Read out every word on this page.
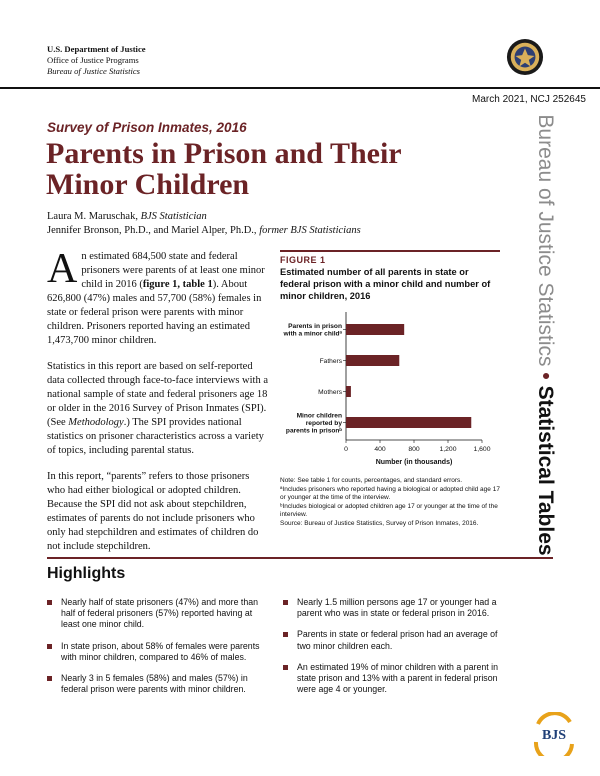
U.S. Department of Justice
Office of Justice Programs
Bureau of Justice Statistics
March 2021, NCJ 252645
Survey of Prison Inmates, 2016
Parents in Prison and Their Minor Children
Laura M. Maruschak, BJS Statistician
Jennifer Bronson, Ph.D., and Mariel Alper, Ph.D., former BJS Statisticians

An estimated 684,500 state and federal prisoners were parents of at least one minor child in 2016 (figure 1, table 1). About 626,800 (47%) males and 57,700 (58%) females in state or federal prison were parents with minor children. Prisoners reported having an estimated 1,473,700 minor children.

Statistics in this report are based on self-reported data collected through face-to-face interviews with a national sample of state and federal prisoners age 18 or older in the 2016 Survey of Prison Inmates (SPI). (See Methodology.) The SPI provides national statistics on prisoner characteristics across a variety of topics, including parental status.

In this report, “parents” refers to those prisoners who had either biological or adopted children. Because the SPI did not ask about stepchildren, estimates of parents do not include prisoners who only had stepchildren and estimates of children do not include stepchildren.

Bureau of Justice Statistics • Statistical Tables
FIGURE 1
Estimated number of all parents in state or federal prison with a minor child and number of minor children, 2016
Parents in prison with a minor childª
Fathers
Mothers
Minor children reported by parents in prisonᵇ
0	400	800	1,200 1,600
Number (in thousands)
Note: See table 1 for counts, percentages, and standard errors.
ªIncludes prisoners who reported having a biological or adopted child age 17 or younger at the time of the interview.
ᵇIncludes biological or adopted children age 17 or younger at the time of the interview.
Source: Bureau of Justice Statistics, Survey of Prison Inmates, 2016.
Highlights
Nearly half of state prisoners (47%) and more than half of federal prisoners (57%) reported having at least one minor child.
In state prison, about 58% of females were parents with minor children, compared to 46% of males.
Nearly 3 in 5 females (58%) and males (57%) in federal prison were parents with minor children.
Nearly 1.5 million persons age 17 or younger had a parent who was in state or federal prison in 2016.
Parents in state or federal prison had an average of two minor children each.
An estimated 19% of minor children with a parent in state prison and 13% with a parent in federal prison were age 4 or younger.
BJS
